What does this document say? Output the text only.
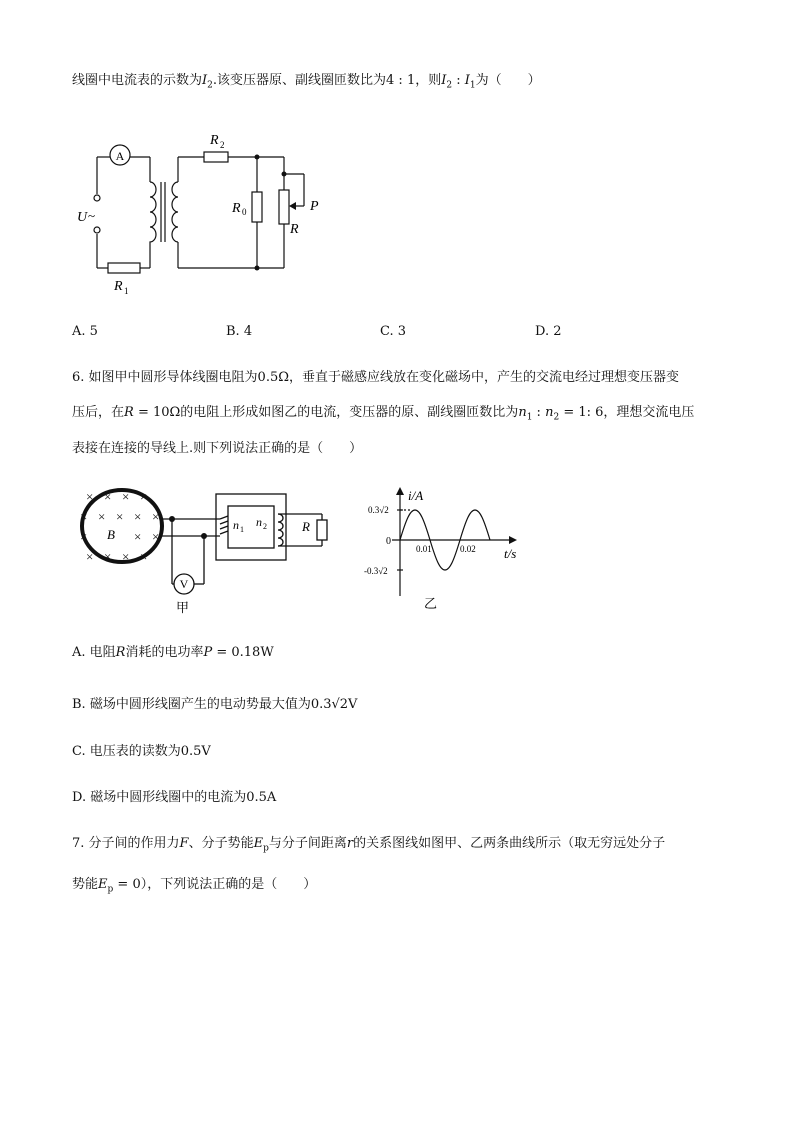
线圈中电流表的示数为$I_2$.该变压器原、副线圈匝数比为4 : 1，则$I_2$ : $I_1$为（　　）
A
R 2
U ~	R 0	P
R
R 1
A. 5	B. 4	C. 3	D. 2
6. 如图甲中圆形导体线圈电阻为0.5Ω，垂直于磁感应线放在变化磁场中，产生的交流电经过理想变压器变
压后，在R = 10Ω的电阻上形成如图乙的电流，变压器的原、副线圈匝数比为$n_1$ : $n_2 = 1$: 6，理想交流电压
表接在连接的导线上.则下列说法正确的是（　　）
× × × ×
× × × × ×
×	× ×
× × × ×
B
V
n 1
n 2	R
甲
i/A
t/s
0.3√2
0
-0.3√2
0.01	0.02
乙
A. 电阻R消耗的电功率P = 0.18W
B. 磁场中圆形线圈产生的电动势最大值为0.3√2V
C. 电压表的读数为0.5V
D. 磁场中圆形线圈中的电流为0.5A
7. 分子间的作用力F、分子势能$E_p$与分子间距离r的关系图线如图甲、乙两条曲线所示（取无穷远处分子
势能$E_p = 0$），下列说法正确的是（　　）
